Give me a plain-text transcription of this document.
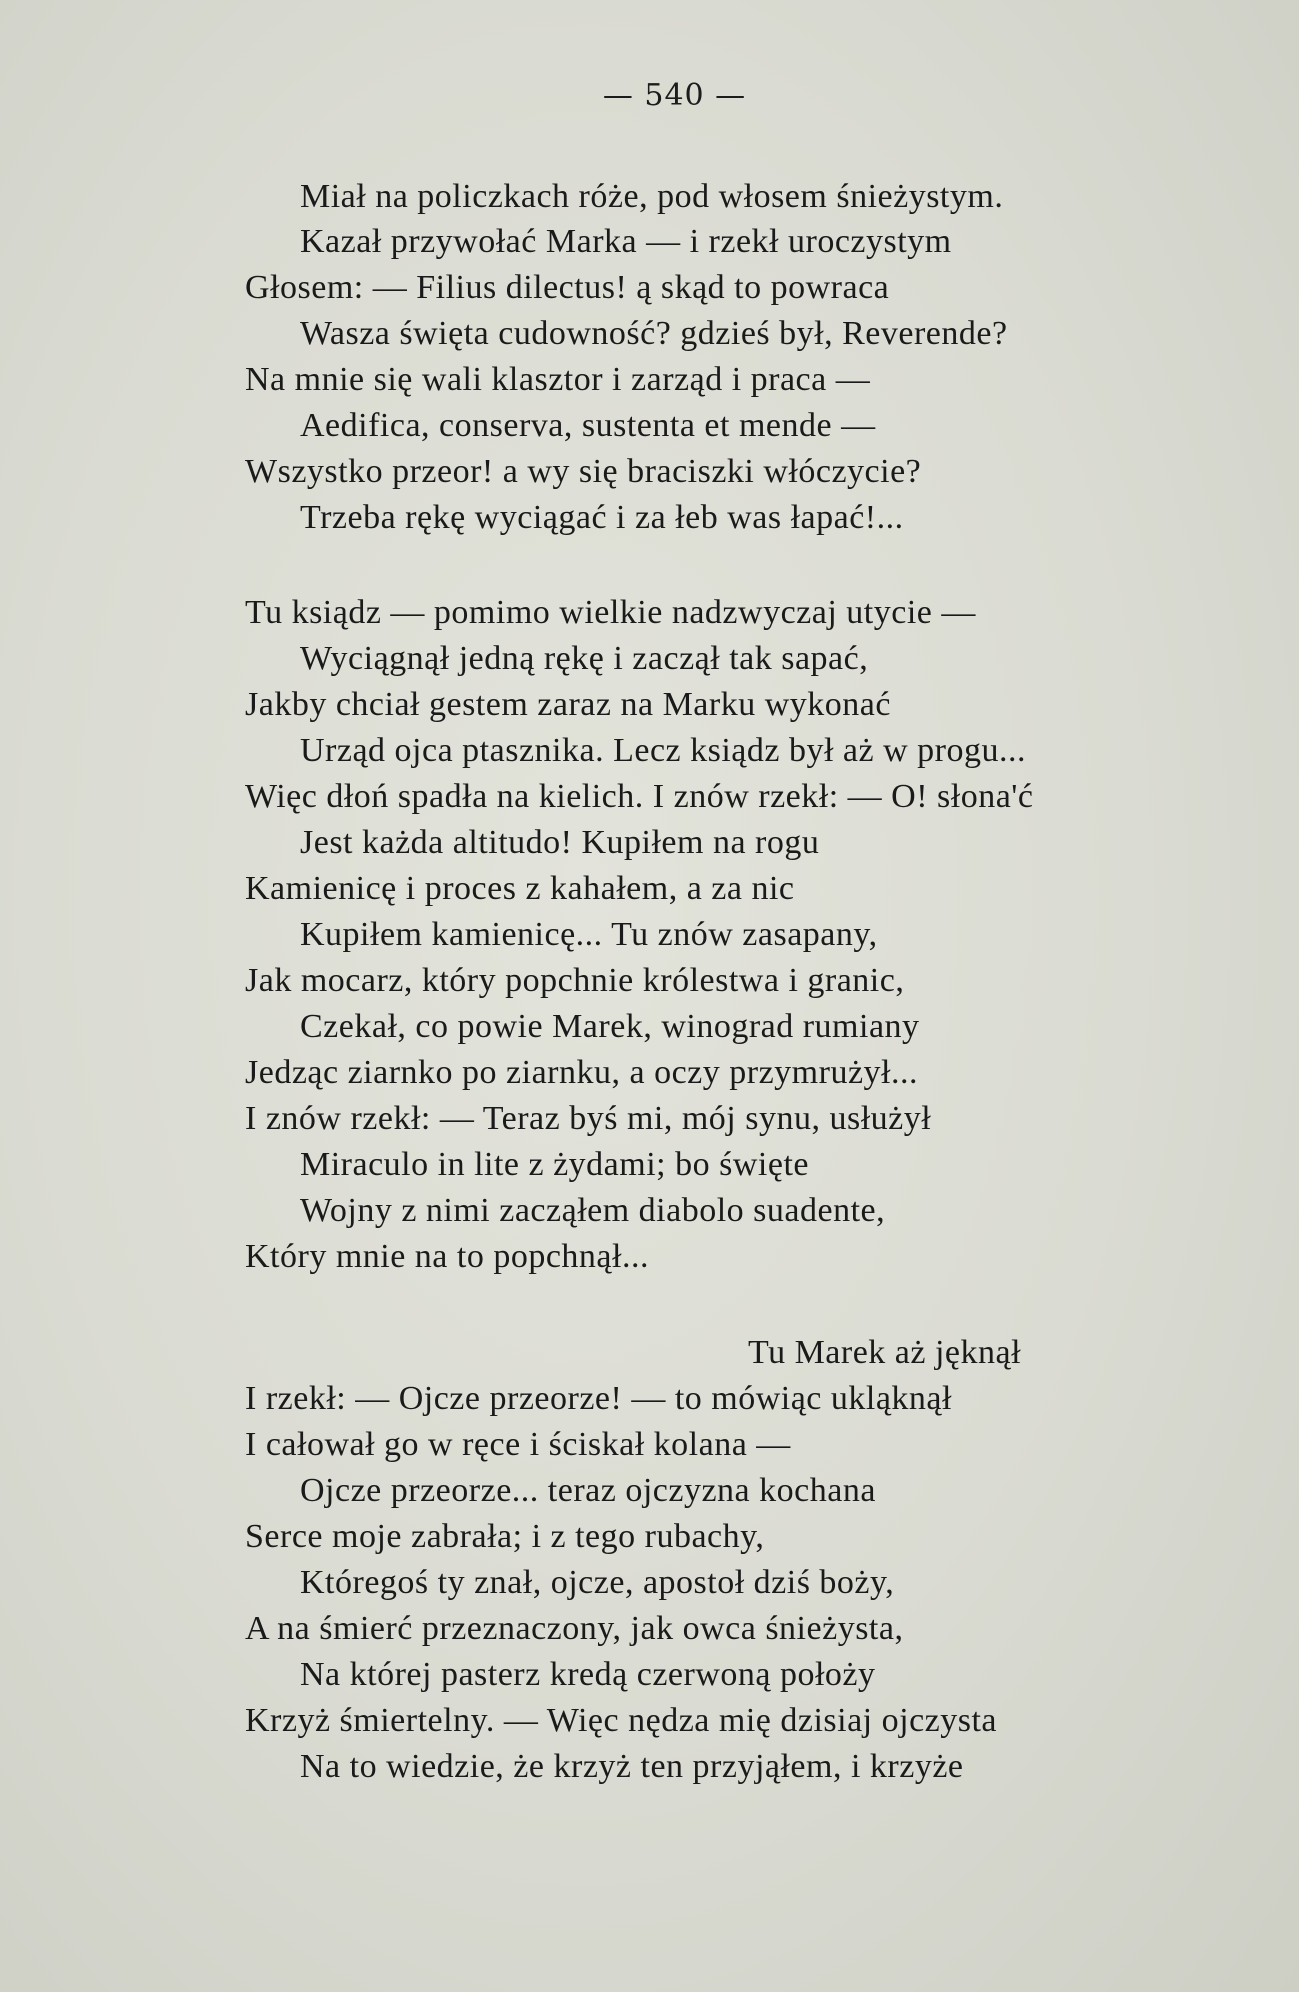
— 540 —
Miał na policzkach róże, pod włosem śnieżystym.
Kazał przywołać Marka — i rzekł uroczystym
Głosem: — Filius dilectus! ą skąd to powraca
Wasza święta cudowność? gdzieś był, Reverende?
Na mnie się wali klasztor i zarząd i praca —
Aedifica, conserva, sustenta et mende —
Wszystko przeor! a wy się braciszki włóczycie?
Trzeba rękę wyciągać i za łeb was łapać!...
Tu ksiądz — pomimo wielkie nadzwyczaj utycie —
Wyciągnął jedną rękę i zaczął tak sapać,
Jakby chciał gestem zaraz na Marku wykonać
Urząd ojca ptasznika. Lecz ksiądz był aż w progu...
Więc dłoń spadła na kielich. I znów rzekł: — O! słona'ć
Jest każda altitudo! Kupiłem na rogu
Kamienicę i proces z kahałem, a za nic
Kupiłem kamienicę... Tu znów zasapany,
Jak mocarz, który popchnie królestwa i granic,
Czekał, co powie Marek, winograd rumiany
Jedząc ziarnko po ziarnku, a oczy przymrużył...
I znów rzekł: — Teraz byś mi, mój synu, usłużył
Miraculo in lite z żydami; bo święte
Wojny z nimi zacząłem diabolo suadente,
Który mnie na to popchnął...
Tu Marek aż jęknął
I rzekł: — Ojcze przeorze! — to mówiąc ukląknął
I całował go w ręce i ściskał kolana —
Ojcze przeorze... teraz ojczyzna kochana
Serce moje zabrała; i z tego rubachy,
Któregoś ty znał, ojcze, apostoł dziś boży,
A na śmierć przeznaczony, jak owca śnieżysta,
Na której pasterz kredą czerwoną położy
Krzyż śmiertelny. — Więc nędza mię dzisiaj ojczysta
Na to wiedzie, że krzyż ten przyjąłem, i krzyże
